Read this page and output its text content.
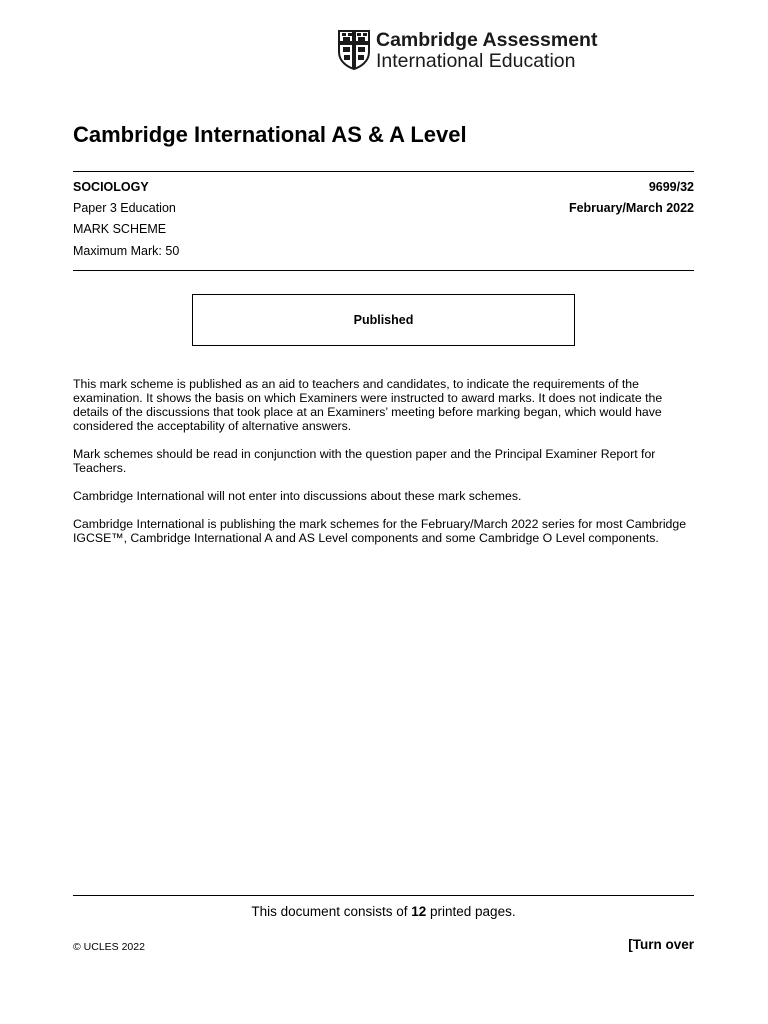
Cambridge Assessment
International Education
Cambridge International AS & A Level
SOCIOLOGY	9699/32
Paper 3 Education	February/March 2022
MARK SCHEME
Maximum Mark: 50
Published

This mark scheme is published as an aid to teachers and candidates, to indicate the requirements of the examination. It shows the basis on which Examiners were instructed to award marks. It does not indicate the details of the discussions that took place at an Examiners’ meeting before marking began, which would have considered the acceptability of alternative answers.

Mark schemes should be read in conjunction with the question paper and the Principal Examiner Report for Teachers.

Cambridge International will not enter into discussions about these mark schemes.

Cambridge International is publishing the mark schemes for the February/March 2022 series for most Cambridge IGCSE™, Cambridge International A and AS Level components and some Cambridge O Level components.

This document consists of 12 printed pages.
© UCLES 2022	[Turn over
